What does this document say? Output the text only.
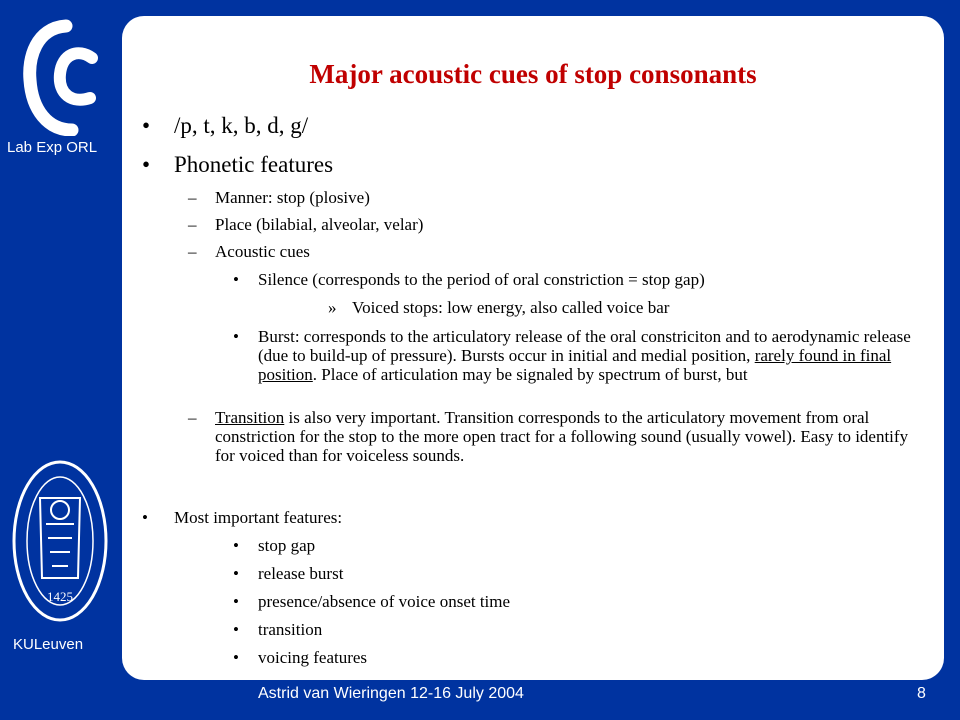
Lab Exp ORL
1425
KULeuven
Major acoustic cues of stop consonants
• /p, t, k, b, d, g/
• Phonetic features
– Manner: stop (plosive)
– Place (bilabial, alveolar, velar)
– Acoustic cues
• Silence (corresponds to the period of oral constriction = stop gap)
» Voiced stops: low energy, also called voice bar
• Burst: corresponds to the articulatory release of the oral constriciton and to aerodynamic release (due to build-up of pressure). Bursts occur in initial and medial position, rarely found in final position. Place of articulation may be signaled by spectrum of burst, but
– Transition is also very important. Transition corresponds to the articulatory movement from oral constriction for the stop to the more open tract for a following sound (usually vowel). Easy to identify for voiced than for voiceless sounds.
• Most important features:
• stop gap
• release burst
• presence/absence of voice onset time
• transition
• voicing features
Astrid van Wieringen 12-16 July 2004	8
